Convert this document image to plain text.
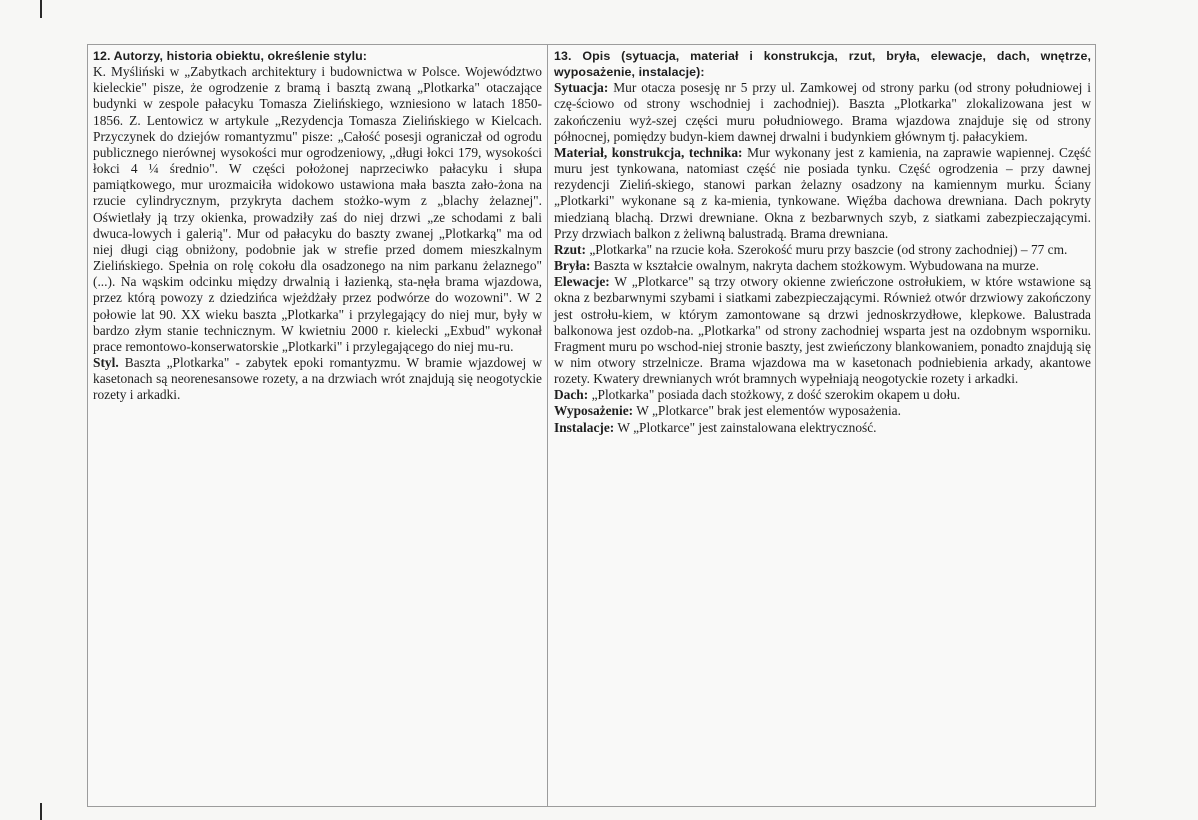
12. Autorzy, historia obiektu, określenie stylu:

K. Myśliński w „Zabytkach architektury i budownictwa w Polsce. Województwo kieleckie" pisze, że ogrodzenie z bramą i basztą zwaną „Plotkarka" otaczające budynki w zespole pałacyku Tomasza Zielińskiego, wzniesiono w latach 1850-1856. Z. Lentowicz w artykule „Rezydencja Tomasza Zielińskiego w Kielcach. Przyczynek do dziejów romantyzmu" pisze: „Całość posesji ograniczał od ogrodu publicznego nierównej wysokości mur ogrodzeniowy, „długi łokci 179, wysokości łokci 4 ¼ średnio". W części położonej naprzeciwko pałacyku i słupa pamiątkowego, mur urozmaiciła widokowo ustawiona mała baszta zało-żona na rzucie cylindrycznym, przykryta dachem stożko-wym z „blachy żelaznej". Oświetlały ją trzy okienka, prowadziły zaś do niej drzwi „ze schodami z bali dwuca-lowych i galerią". Mur od pałacyku do baszty zwanej „Plotkarką" ma od niej długi ciąg obniżony, podobnie jak w strefie przed domem mieszkalnym Zielińskiego. Spełnia on rolę cokołu dla osadzonego na nim parkanu żelaznego" (...). Na wąskim odcinku między drwalnią i łazienką, sta-nęła brama wjazdowa, przez którą powozy z dziedzińca wjeżdżały przez podwórze do wozowni". W 2 połowie lat 90. XX wieku baszta „Plotkarka" i przylegający do niej mur, były w bardzo złym stanie technicznym. W kwietniu 2000 r. kielecki „Exbud" wykonał prace remontowo-konserwatorskie „Plotkarki" i przylegającego do niej mu-ru.

Styl. Baszta „Plotkarka" - zabytek epoki romantyzmu. W bramie wjazdowej w kasetonach są neorenesansowe rozety, a na drzwiach wrót znajdują się neogotyckie rozety i arkadki.

13. Opis (sytuacja, materiał i konstrukcja, rzut, bryła, elewacje, dach, wnętrze, wyposażenie, instalacje):

Sytuacja: Mur otacza posesję nr 5 przy ul. Zamkowej od strony parku (od strony południowej i czę-ściowo od strony wschodniej i zachodniej). Baszta „Plotkarka" zlokalizowana jest w zakończeniu wyż-szej części muru południowego. Brama wjazdowa znajduje się od strony północnej, pomiędzy budyn-kiem dawnej drwalni i budynkiem głównym tj. pałacykiem.

Materiał, konstrukcja, technika: Mur wykonany jest z kamienia, na zaprawie wapiennej. Część muru jest tynkowana, natomiast część nie posiada tynku. Część ogrodzenia – przy dawnej rezydencji Zieliń-skiego, stanowi parkan żelazny osadzony na kamiennym murku. Ściany „Plotkarki" wykonane są z ka-mienia, tynkowane. Więźba dachowa drewniana. Dach pokryty miedzianą blachą. Drzwi drewniane. Okna z bezbarwnych szyb, z siatkami zabezpieczającymi. Przy drzwiach balkon z żeliwną balustradą. Brama drewniana.

Rzut: „Plotkarka" na rzucie koła. Szerokość muru przy baszcie (od strony zachodniej) – 77 cm.

Bryła: Baszta w kształcie owalnym, nakryta dachem stożkowym. Wybudowana na murze.

Elewacje: W „Plotkarce" są trzy otwory okienne zwieńczone ostrołukiem, w które wstawione są okna z bezbarwnymi szybami i siatkami zabezpieczającymi. Również otwór drzwiowy zakończony jest ostrołu-kiem, w którym zamontowane są drzwi jednoskrzydłowe, klepkowe. Balustrada balkonowa jest ozdob-na. „Plotkarka" od strony zachodniej wsparta jest na ozdobnym wsporniku. Fragment muru po wschod-niej stronie baszty, jest zwieńczony blankowaniem, ponadto znajdują się w nim otwory strzelnicze. Brama wjazdowa ma w kasetonach podniebienia arkady, akantowe rozety. Kwatery drewnianych wrót bramnych wypełniają neogotyckie rozety i arkadki.

Dach: „Plotkarka" posiada dach stożkowy, z dość szerokim okapem u dołu.

Wyposażenie: W „Plotkarce" brak jest elementów wyposażenia.

Instalacje: W „Plotkarce" jest zainstalowana elektryczność.
